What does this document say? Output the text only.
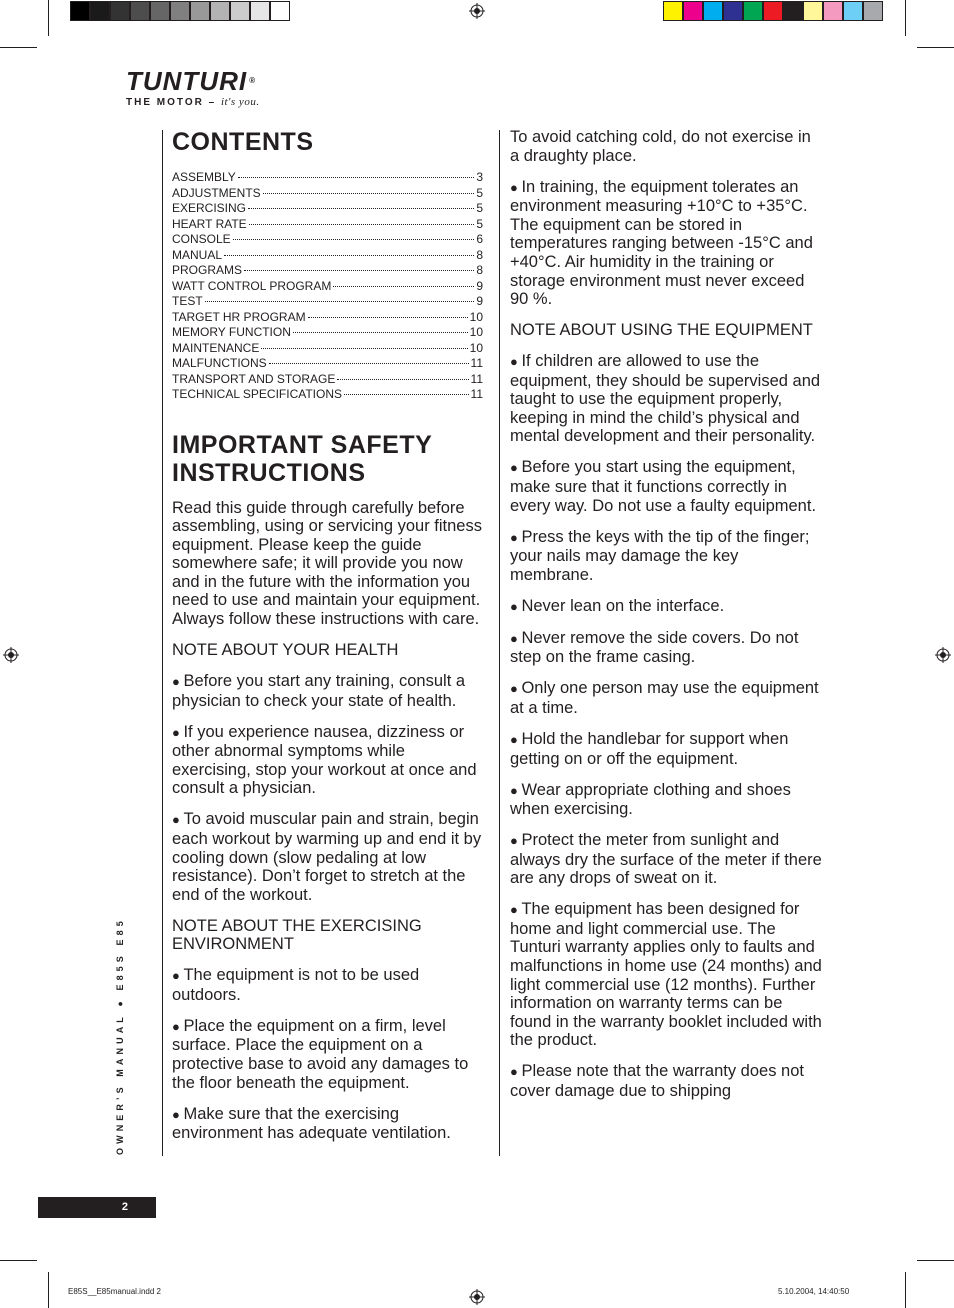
TUNTURI ®
THE MOTOR – it's you.
CONTENTS
ASSEMBLY	3
ADJUSTMENTS	5
EXERCISING	5
HEART RATE	5
CONSOLE	6
MANUAL	8
PROGRAMS	8
WATT CONTROL PROGRAM	9
TEST	9
TARGET HR PROGRAM	10
MEMORY FUNCTION	10
MAINTENANCE	10
MALFUNCTIONS	11
TRANSPORT AND STORAGE	11
TECHNICAL SPECIFICATIONS	11
IMPORTANT SAFETY
INSTRUCTIONS

Read this guide through carefully before assembling, using or servicing your fitness equipment. Please keep the guide somewhere safe; it will provide you now and in the future with the information you need to use and maintain your equipment. Always follow these instructions with care.

NOTE ABOUT YOUR HEALTH

● Before you start any training, consult a physician to check your state of health.

● If you experience nausea, dizziness or other abnormal symptoms while exercising, stop your workout at once and consult a physician.

● To avoid muscular pain and strain, begin each workout by warming up and end it by cooling down (slow pedaling at low resistance). Don’t forget to stretch at the end of the workout.

NOTE ABOUT THE EXERCISING ENVIRONMENT

● The equipment is not to be used outdoors.

● Place the equipment on a firm, level surface. Place the equipment on a protective base to avoid any damages to the floor beneath the equipment.

● Make sure that the exercising environment has adequate ventilation.

To avoid catching cold, do not exercise in a draughty place.

● In training, the equipment tolerates an environment measuring +10°C to +35°C. The equipment can be stored in temperatures ranging between -15°C and +40°C. Air humidity in the training or storage environment must never exceed 90 %.

NOTE ABOUT USING THE EQUIPMENT

● If children are allowed to use the equipment, they should be supervised and taught to use the equipment properly, keeping in mind the child’s physical and mental development and their personality.

● Before you start using the equipment, make sure that it functions correctly in every way. Do not use a faulty equipment.

● Press the keys with the tip of the finger; your nails may damage the key membrane.

● Never lean on the interface.

● Never remove the side covers. Do not step on the frame casing.

● Only one person may use the equipment at a time.

● Hold the handlebar for support when getting on or off the equipment.

● Wear appropriate clothing and shoes when exercising.

● Protect the meter from sunlight and always dry the surface of the meter if there are any drops of sweat on it.

● The equipment has been designed for home and light commercial use. The Tunturi warranty applies only to faults and malfunctions in home use (24 months) and light commercial use (12 months). Further information on warranty terms can be found in the warranty booklet included with the product.

● Please note that the warranty does not cover damage due to shipping

OWNER’S MANUAL ● E85S E85
2
E85S__E85manual.indd 2	5.10.2004, 14:40:50
